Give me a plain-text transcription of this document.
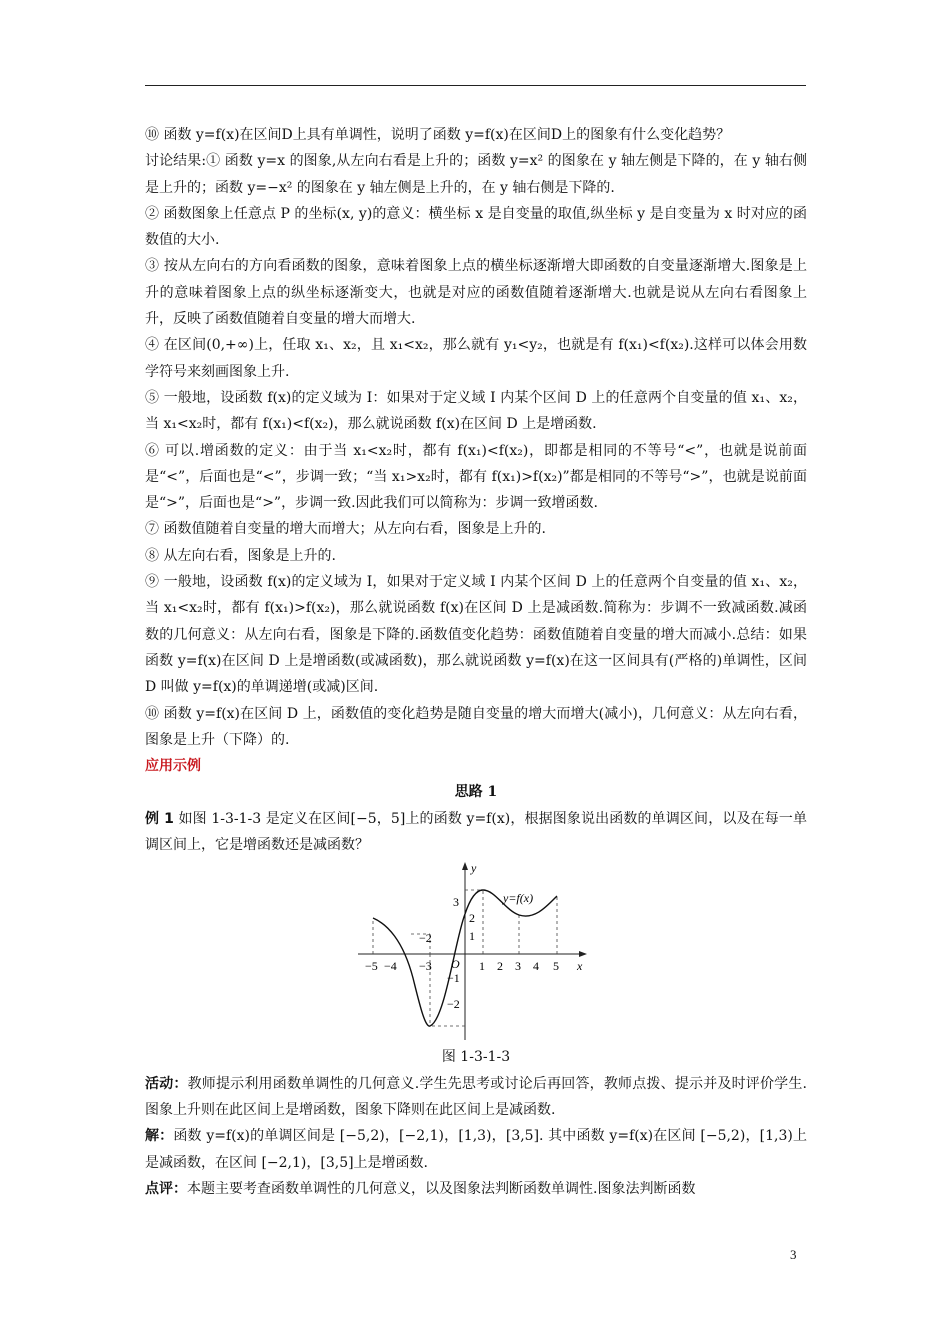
⑩ 函数 y=f(x)在区间D上具有单调性，说明了函数 y=f(x)在区间D上的图象有什么变化趋势？

讨论结果:① 函数 y=x 的图象,从左向右看是上升的；函数 y=x² 的图象在 y 轴左侧是下降的，在 y 轴右侧是上升的；函数 y=−x² 的图象在 y 轴左侧是上升的，在 y 轴右侧是下降的.

② 函数图象上任意点 P 的坐标(x, y)的意义：横坐标 x 是自变量的取值,纵坐标 y 是自变量为 x 时对应的函数值的大小.

③ 按从左向右的方向看函数的图象，意味着图象上点的横坐标逐渐增大即函数的自变量逐渐增大.图象是上升的意味着图象上点的纵坐标逐渐变大，也就是对应的函数值随着逐渐增大.也就是说从左向右看图象上升，反映了函数值随着自变量的增大而增大.

④ 在区间(0,+∞)上，任取 x₁、x₂，且 x₁<x₂，那么就有 y₁<y₂，也就是有 f(x₁)<f(x₂).这样可以体会用数学符号来刻画图象上升.

⑤ 一般地，设函数 f(x)的定义域为 I：如果对于定义域 I 内某个区间 D 上的任意两个自变量的值 x₁、x₂，当 x₁<x₂时，都有 f(x₁)<f(x₂)，那么就说函数 f(x)在区间 D 上是增函数.

⑥ 可以.增函数的定义：由于当 x₁<x₂时，都有 f(x₁)<f(x₂)，即都是相同的不等号“<”，也就是说前面是“<”，后面也是“<”，步调一致；“当 x₁>x₂时，都有 f(x₁)>f(x₂)”都是相同的不等号“>”，也就是说前面是“>”，后面也是“>”，步调一致.因此我们可以简称为：步调一致增函数.

⑦ 函数值随着自变量的增大而增大；从左向右看，图象是上升的.

⑧ 从左向右看，图象是上升的.

⑨ 一般地，设函数 f(x)的定义域为 I，如果对于定义域 I 内某个区间 D 上的任意两个自变量的值 x₁、x₂，当 x₁<x₂时，都有 f(x₁)>f(x₂)，那么就说函数 f(x)在区间 D 上是减函数.简称为：步调不一致减函数.减函数的几何意义：从左向右看，图象是下降的.函数值变化趋势：函数值随着自变量的增大而减小.总结：如果函数 y=f(x)在区间 D 上是增函数(或减函数)，那么就说函数 y=f(x)在这一区间具有(严格的)单调性，区间 D 叫做 y=f(x)的单调递增(或减)区间.

⑩ 函数 y=f(x)在区间 D 上，函数值的变化趋势是随自变量的增大而增大(减小)，几何意义：从左向右看，图象是上升（下降）的.

应用示例

思路 1

例 1 如图 1-3-1-3 是定义在区间[−5，5]上的函数 y=f(x)，根据图象说出函数的单调区间，以及在每一单调区间上，它是增函数还是减函数？

−5 −4 −3
−2
1 2 3 4 5
3
2
1
−1
−2
O	x
y
y=f(x)

图 1-3-1-3

活动：教师提示利用函数单调性的几何意义.学生先思考或讨论后再回答，教师点拨、提示并及时评价学生.图象上升则在此区间上是增函数，图象下降则在此区间上是减函数.

解：函数 y=f(x)的单调区间是 [−5,2)，[−2,1)，[1,3)，[3,5]. 其中函数 y=f(x)在区间 [−5,2)，[1,3)上是减函数，在区间 [−2,1)，[3,5]上是增函数.

点评：本题主要考查函数单调性的几何意义，以及图象法判断函数单调性.图象法判断函数

3
